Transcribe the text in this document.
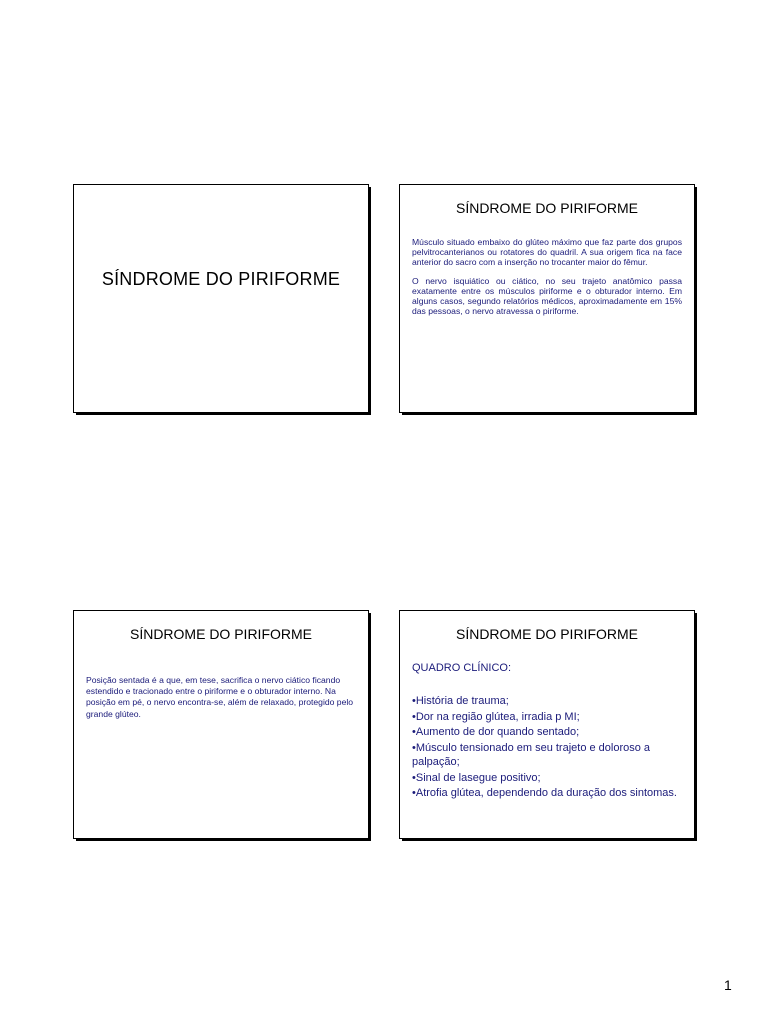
SÍNDROME DO PIRIFORME
SÍNDROME DO PIRIFORME

Músculo situado embaixo do glúteo máximo que faz parte dos grupos pelvitrocanterianos ou rotatores do quadril. A sua origem fica na face anterior do sacro com a inserção no trocanter maior do fêmur.

O nervo isquiático ou ciático, no seu trajeto anatômico passa exatamente entre os músculos piriforme e o obturador interno. Em alguns casos, segundo relatórios médicos, aproximadamente em 15% das pessoas, o nervo atravessa o piriforme.

SÍNDROME DO PIRIFORME

Posição sentada é a que, em tese, sacrifica o nervo ciático ficando estendido e tracionado entre o piriforme e o obturador interno. Na posição em pé, o nervo encontra-se, além de relaxado, protegido pelo grande glúteo.

SÍNDROME DO PIRIFORME
QUADRO CLÍNICO:
•História de trauma;
•Dor na região glútea, irradia p MI;
•Aumento de dor quando sentado;
•Músculo tensionado em seu trajeto e doloroso a palpação;
•Sinal de lasegue positivo;
•Atrofia glútea, dependendo da duração dos sintomas.
1
